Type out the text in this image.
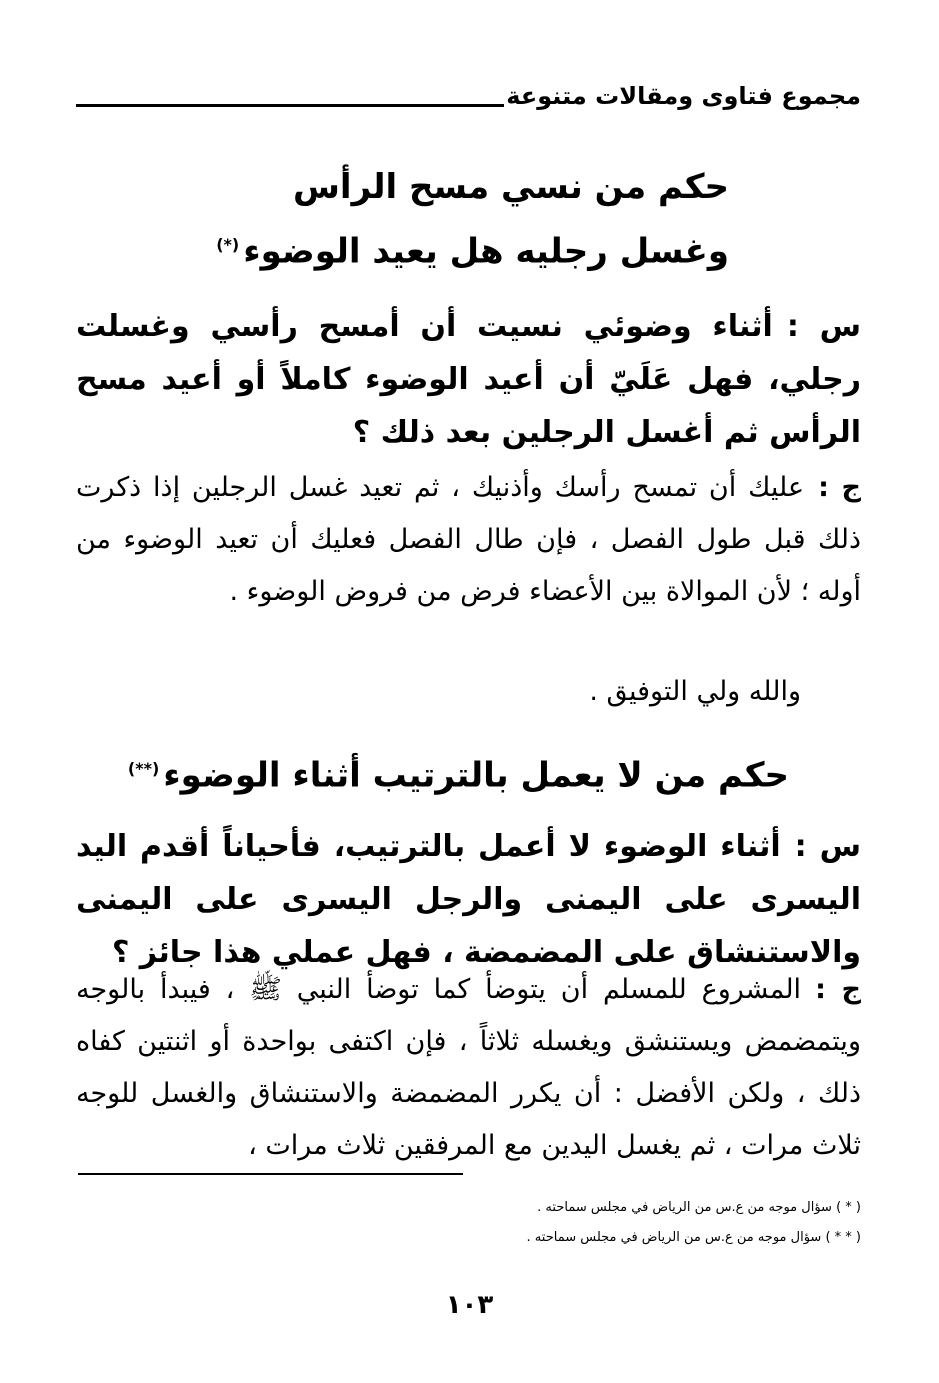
مجموع فتاوى ومقالات متنوعة
حكم من نسي مسح الرأس
وغسل رجليه هل يعيد الوضوء(*)
س :أثناء وضوئي نسيت أن أمسح رأسي وغسلت رجلي، فهل عَلَيّ أن أعيد الوضوء كاملاً أو أعيد مسح الرأس ثم أغسل الرجلين بعد ذلك ؟
ج :عليك أن تمسح رأسك وأذنيك ، ثم تعيد غسل الرجلين إذا ذكرت ذلك قبل طول الفصل ، فإن طال الفصل فعليك أن تعيد الوضوء من أوله ؛ لأن الموالاة بين الأعضاء فرض من فروض الوضوء .
والله ولي التوفيق .
حكم من لا يعمل بالترتيب أثناء الوضوء(**)
س :أثناء الوضوء لا أعمل بالترتيب، فأحياناً أقدم اليد اليسرى على اليمنى والرجل اليسرى على اليمنى والاستنشاق على المضمضة ، فهل عملي هذا جائز ؟
ج :المشروع للمسلم أن يتوضأ كما توضأ النبي ﷺ ، فيبدأ بالوجه ويتمضمض ويستنشق ويغسله ثلاثاً ، فإن اكتفى بواحدة أو اثنتين كفاه ذلك ، ولكن الأفضل : أن يكرر المضمضة والاستنشاق والغسل للوجه ثلاث مرات ، ثم يغسل اليدين مع المرفقين ثلاث مرات ،
( * ) سؤال موجه من ع.س من الرياض في مجلس سماحته .
( * * ) سؤال موجه من ع.س من الرياض في مجلس سماحته .
١٠٣
